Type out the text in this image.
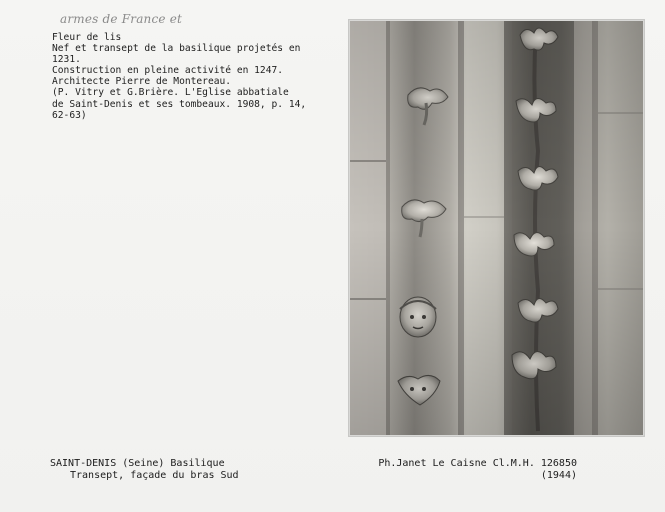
armes de France et
Fleur de lis
Nef et transept de la basilique projetés en
1231.
Construction en pleine activité en 1247.
Architecte Pierre de Montereau.
(P. Vitry et G.Brière. L'Eglise abbatiale
de Saint-Denis et ses tombeaux. 1908, p. 14,
62-63)
SAINT-DENIS (Seine) Basilique
Transept, façade du bras Sud
Ph.Janet Le Caisne Cl.M.H. 126850
(1944)
